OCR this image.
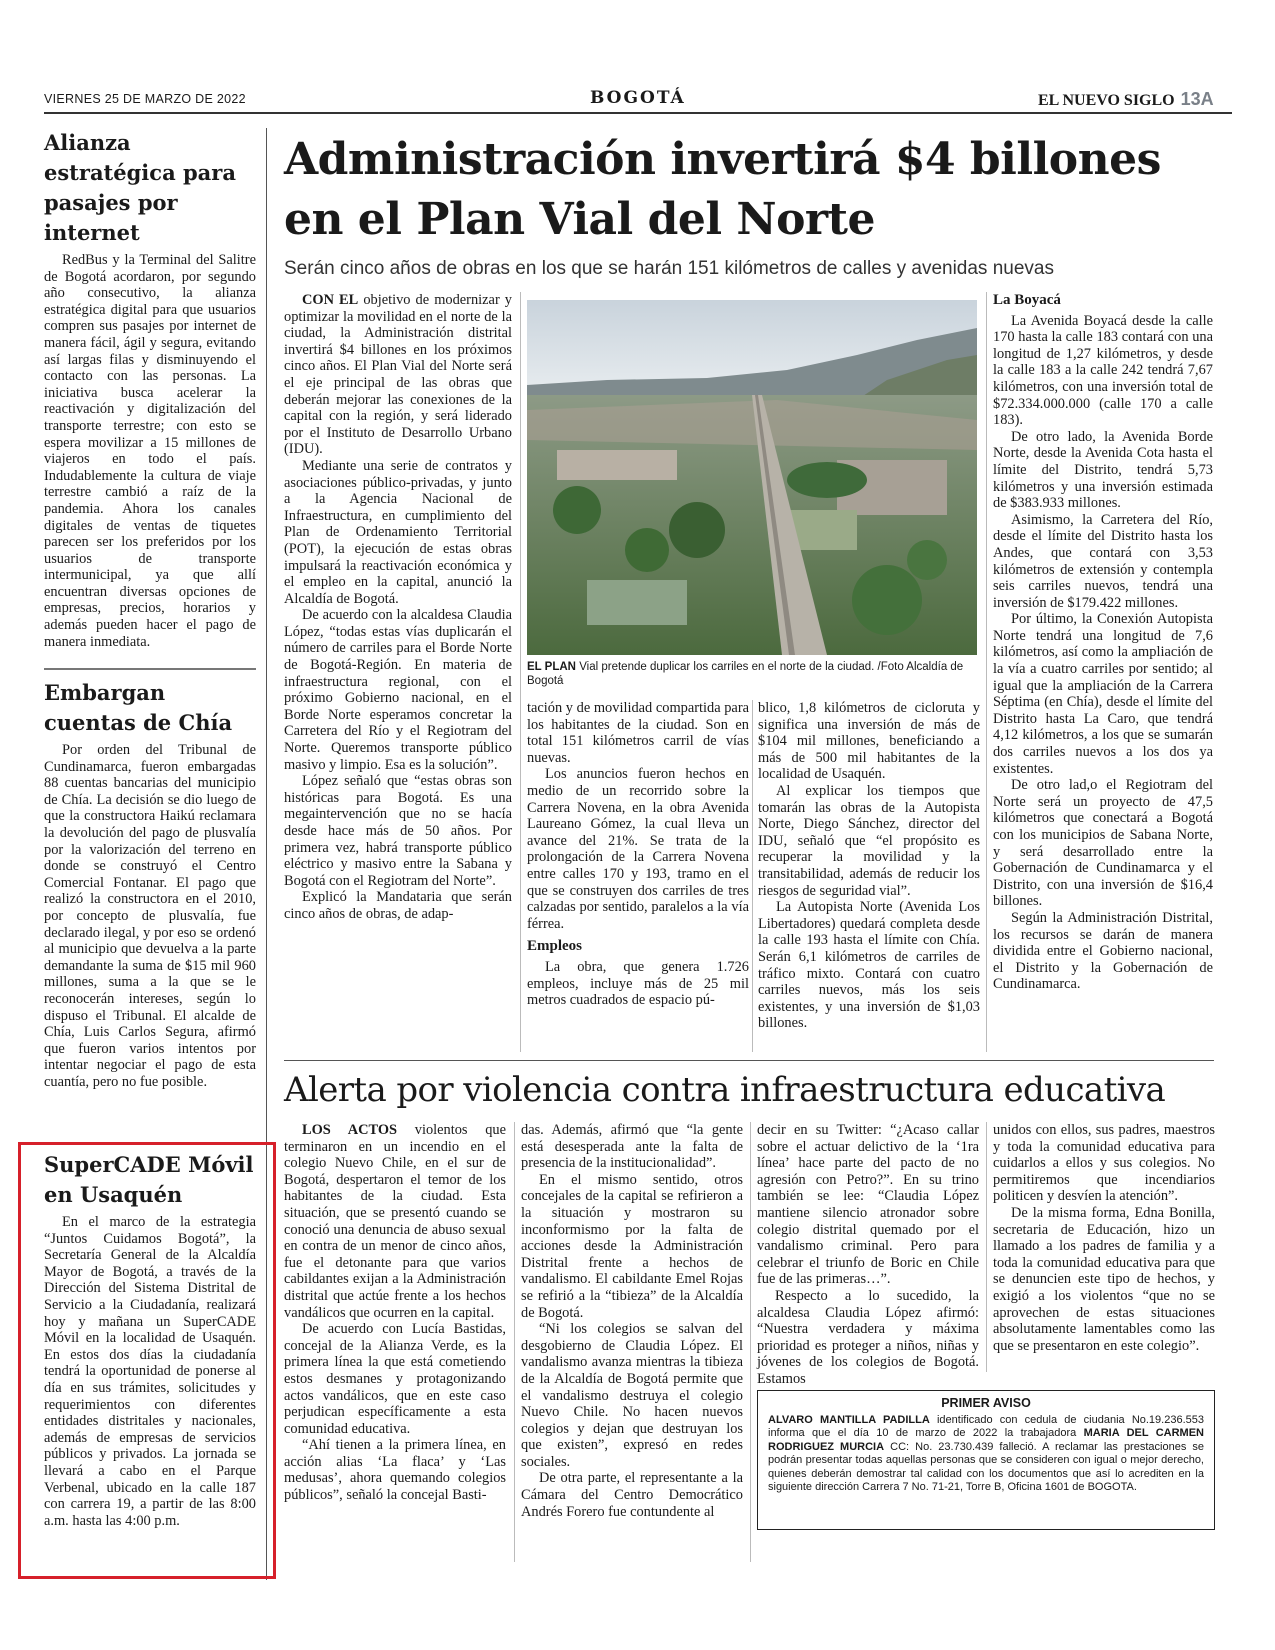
VIERNES 25 DE MARZO DE 2022	BOGOTÁ	EL NUEVO SIGLO 13A
Alianza estratégica para pasajes por internet

RedBus y la Terminal del Salitre de Bogotá acordaron, por segundo año consecutivo, la alianza estratégica digital para que usuarios compren sus pasajes por internet de manera fácil, ágil y segura, evitando así largas filas y disminuyendo el contacto con las personas. La iniciativa busca acelerar la reactivación y digitalización del transporte terrestre; con esto se espera movilizar a 15 millones de viajeros en todo el país. Indudablemente la cultura de viaje terrestre cambió a raíz de la pandemia. Ahora los canales digitales de ventas de tiquetes parecen ser los preferidos por los usuarios de transporte intermunicipal, ya que allí encuentran diversas opciones de empresas, precios, horarios y además pueden hacer el pago de manera inmediata.

Embargan cuentas de Chía

Por orden del Tribunal de Cundinamarca, fueron embargadas 88 cuentas bancarias del municipio de Chía. La decisión se dio luego de que la constructora Haikú reclamara la devolución del pago de plusvalía por la valorización del terreno en donde se construyó el Centro Comercial Fontanar. El pago que realizó la constructora en el 2010, por concepto de plusvalía, fue declarado ilegal, y por eso se ordenó al municipio que devuelva a la parte demandante la suma de $15 mil 960 millones, suma a la que se le reconocerán intereses, según lo dispuso el Tribunal. El alcalde de Chía, Luis Carlos Segura, afirmó que fueron varios intentos por intentar negociar el pago de esta cuantía, pero no fue posible.

SuperCADE Móvil en Usaquén

En el marco de la estrategia “Juntos Cuidamos Bogotá”, la Secretaría General de la Alcaldía Mayor de Bogotá, a través de la Dirección del Sistema Distrital de Servicio a la Ciudadanía, realizará hoy y mañana un SuperCADE Móvil en la localidad de Usaquén. En estos dos días la ciudadanía tendrá la oportunidad de ponerse al día en sus trámites, solicitudes y requerimientos con diferentes entidades distritales y nacionales, además de empresas de servicios públicos y privados. La jornada se llevará a cabo en el Parque Verbenal, ubicado en la calle 187 con carrera 19, a partir de las 8:00 a.m. hasta las 4:00 p.m.

Administración invertirá $4 billones en el Plan Vial del Norte
Serán cinco años de obras en los que se harán 151 kilómetros de calles y avenidas nuevas

CON EL objetivo de modernizar y optimizar la movilidad en el norte de la ciudad, la Administración distrital invertirá $4 billones en los próximos cinco años. El Plan Vial del Norte será el eje principal de las obras que deberán mejorar las conexiones de la capital con la región, y será liderado por el Instituto de Desarrollo Urbano (IDU).

Mediante una serie de contratos y asociaciones público-privadas, y junto a la Agencia Nacional de Infraestructura, en cumplimiento del Plan de Ordenamiento Territorial (POT), la ejecución de estas obras impulsará la reactivación económica y el empleo en la capital, anunció la Alcaldía de Bogotá.

De acuerdo con la alcaldesa Claudia López, “todas estas vías duplicarán el número de carriles para el Borde Norte de Bogotá-Región. En materia de infraestructura regional, con el próximo Gobierno nacional, en el Borde Norte esperamos concretar la Carretera del Río y el Regiotram del Norte. Queremos transporte público masivo y limpio. Esa es la solución”.

López señaló que “estas obras son históricas para Bogotá. Es una megaintervención que no se hacía desde hace más de 50 años. Por primera vez, habrá transporte público eléctrico y masivo entre la Sabana y Bogotá con el Regiotram del Norte”.

Explicó la Mandataria que serán cinco años de obras, de adap-

EL PLAN Vial pretende duplicar los carriles en el norte de la ciudad. /Foto Alcaldía de Bogotá

tación y de movilidad compartida para los habitantes de la ciudad. Son en total 151 kilómetros carril de vías nuevas.

Los anuncios fueron hechos en medio de un recorrido sobre la Carrera Novena, en la obra Avenida Laureano Gómez, la cual lleva un avance del 21%. Se trata de la prolongación de la Carrera Novena entre calles 170 y 193, tramo en el que se construyen dos carriles de tres calzadas por sentido, paralelos a la vía férrea.

Empleos

La obra, que genera 1.726 empleos, incluye más de 25 mil metros cuadrados de espacio pú-

blico, 1,8 kilómetros de cicloruta y significa una inversión de más de $104 mil millones, beneficiando a más de 500 mil habitantes de la localidad de Usaquén.

Al explicar los tiempos que tomarán las obras de la Autopista Norte, Diego Sánchez, director del IDU, señaló que “el propósito es recuperar la movilidad y la transitabilidad, además de reducir los riesgos de seguridad vial”.

La Autopista Norte (Avenida Los Libertadores) quedará completa desde la calle 193 hasta el límite con Chía. Serán 6,1 kilómetros de carriles de tráfico mixto. Contará con cuatro carriles nuevos, más los seis existentes, y una inversión de $1,03 billones.

La Boyacá

La Avenida Boyacá desde la calle 170 hasta la calle 183 contará con una longitud de 1,27 kilómetros, y desde la calle 183 a la calle 242 tendrá 7,67 kilómetros, con una inversión total de $72.334.000.000 (calle 170 a calle 183).

De otro lado, la Avenida Borde Norte, desde la Avenida Cota hasta el límite del Distrito, tendrá 5,73 kilómetros y una inversión estimada de $383.933 millones.

Asimismo, la Carretera del Río, desde el límite del Distrito hasta los Andes, que contará con 3,53 kilómetros de extensión y contempla seis carriles nuevos, tendrá una inversión de $179.422 millones.

Por último, la Conexión Autopista Norte tendrá una longitud de 7,6 kilómetros, así como la ampliación de la vía a cuatro carriles por sentido; al igual que la ampliación de la Carrera Séptima (en Chía), desde el límite del Distrito hasta La Caro, que tendrá 4,12 kilómetros, a los que se sumarán dos carriles nuevos a los dos ya existentes.

De otro lad,o el Regiotram del Norte será un proyecto de 47,5 kilómetros que conectará a Bogotá con los municipios de Sabana Norte, y será desarrollado entre la Gobernación de Cundinamarca y el Distrito, con una inversión de $16,4 billones.

Según la Administración Distrital, los recursos se darán de manera dividida entre el Gobierno nacional, el Distrito y la Gobernación de Cundinamarca.

Alerta por violencia contra infraestructura educativa

LOS ACTOS violentos que terminaron en un incendio en el colegio Nuevo Chile, en el sur de Bogotá, despertaron el temor de los habitantes de la ciudad. Esta situación, que se presentó cuando se conoció una denuncia de abuso sexual en contra de un menor de cinco años, fue el detonante para que varios cabildantes exijan a la Administración distrital que actúe frente a los hechos vandálicos que ocurren en la capital.

De acuerdo con Lucía Bastidas, concejal de la Alianza Verde, es la primera línea la que está cometiendo estos desmanes y protagonizando actos vandálicos, que en este caso perjudican específicamente a esta comunidad educativa.

“Ahí tienen a la primera línea, en acción alias ‘La flaca’ y ‘Las medusas’, ahora quemando colegios públicos”, señaló la concejal Basti-

das. Además, afirmó que “la gente está desesperada ante la falta de presencia de la institucionalidad”.

En el mismo sentido, otros concejales de la capital se refirieron a la situación y mostraron su inconformismo por la falta de acciones desde la Administración Distrital frente a hechos de vandalismo. El cabildante Emel Rojas se refirió a la “tibieza” de la Alcaldía de Bogotá.

“Ni los colegios se salvan del desgobierno de Claudia López. El vandalismo avanza mientras la tibieza de la Alcaldía de Bogotá permite que el vandalismo destruya el colegio Nuevo Chile. No hacen nuevos colegios y dejan que destruyan los que existen”, expresó en redes sociales.

De otra parte, el representante a la Cámara del Centro Democrático Andrés Forero fue contundente al

decir en su Twitter: “¿Acaso callar sobre el actuar delictivo de la ‘1ra línea’ hace parte del pacto de no agresión con Petro?”. En su trino también se lee: “Claudia López mantiene silencio atronador sobre colegio distrital quemado por el vandalismo criminal. Pero para celebrar el triunfo de Boric en Chile fue de las primeras…”.

Respecto a lo sucedido, la alcaldesa Claudia López afirmó: “Nuestra verdadera y máxima prioridad es proteger a niños, niñas y jóvenes de los colegios de Bogotá. Estamos

unidos con ellos, sus padres, maestros y toda la comunidad educativa para cuidarlos a ellos y sus colegios. No permitiremos que incendiarios politicen y desvíen la atención”.

De la misma forma, Edna Bonilla, secretaria de Educación, hizo un llamado a los padres de familia y a toda la comunidad educativa para que se denuncien este tipo de hechos, y exigió a los violentos “que no se aprovechen de estas situaciones absolutamente lamentables como las que se presentaron en este colegio”.

PRIMER AVISO
ALVARO MANTILLA PADILLA identificado con cedula de ciudania No.19.236.553 informa que el día 10 de marzo de 2022 la trabajadora MARIA DEL CARMEN RODRIGUEZ MURCIA CC: No. 23.730.439 falleció. A reclamar las prestaciones se podrán presentar todas aquellas personas que se consideren con igual o mejor derecho, quienes deberán demostrar tal calidad con los documentos que así lo acrediten en la siguiente dirección Carrera 7 No. 71-21, Torre B, Oficina 1601 de BOGOTA.
